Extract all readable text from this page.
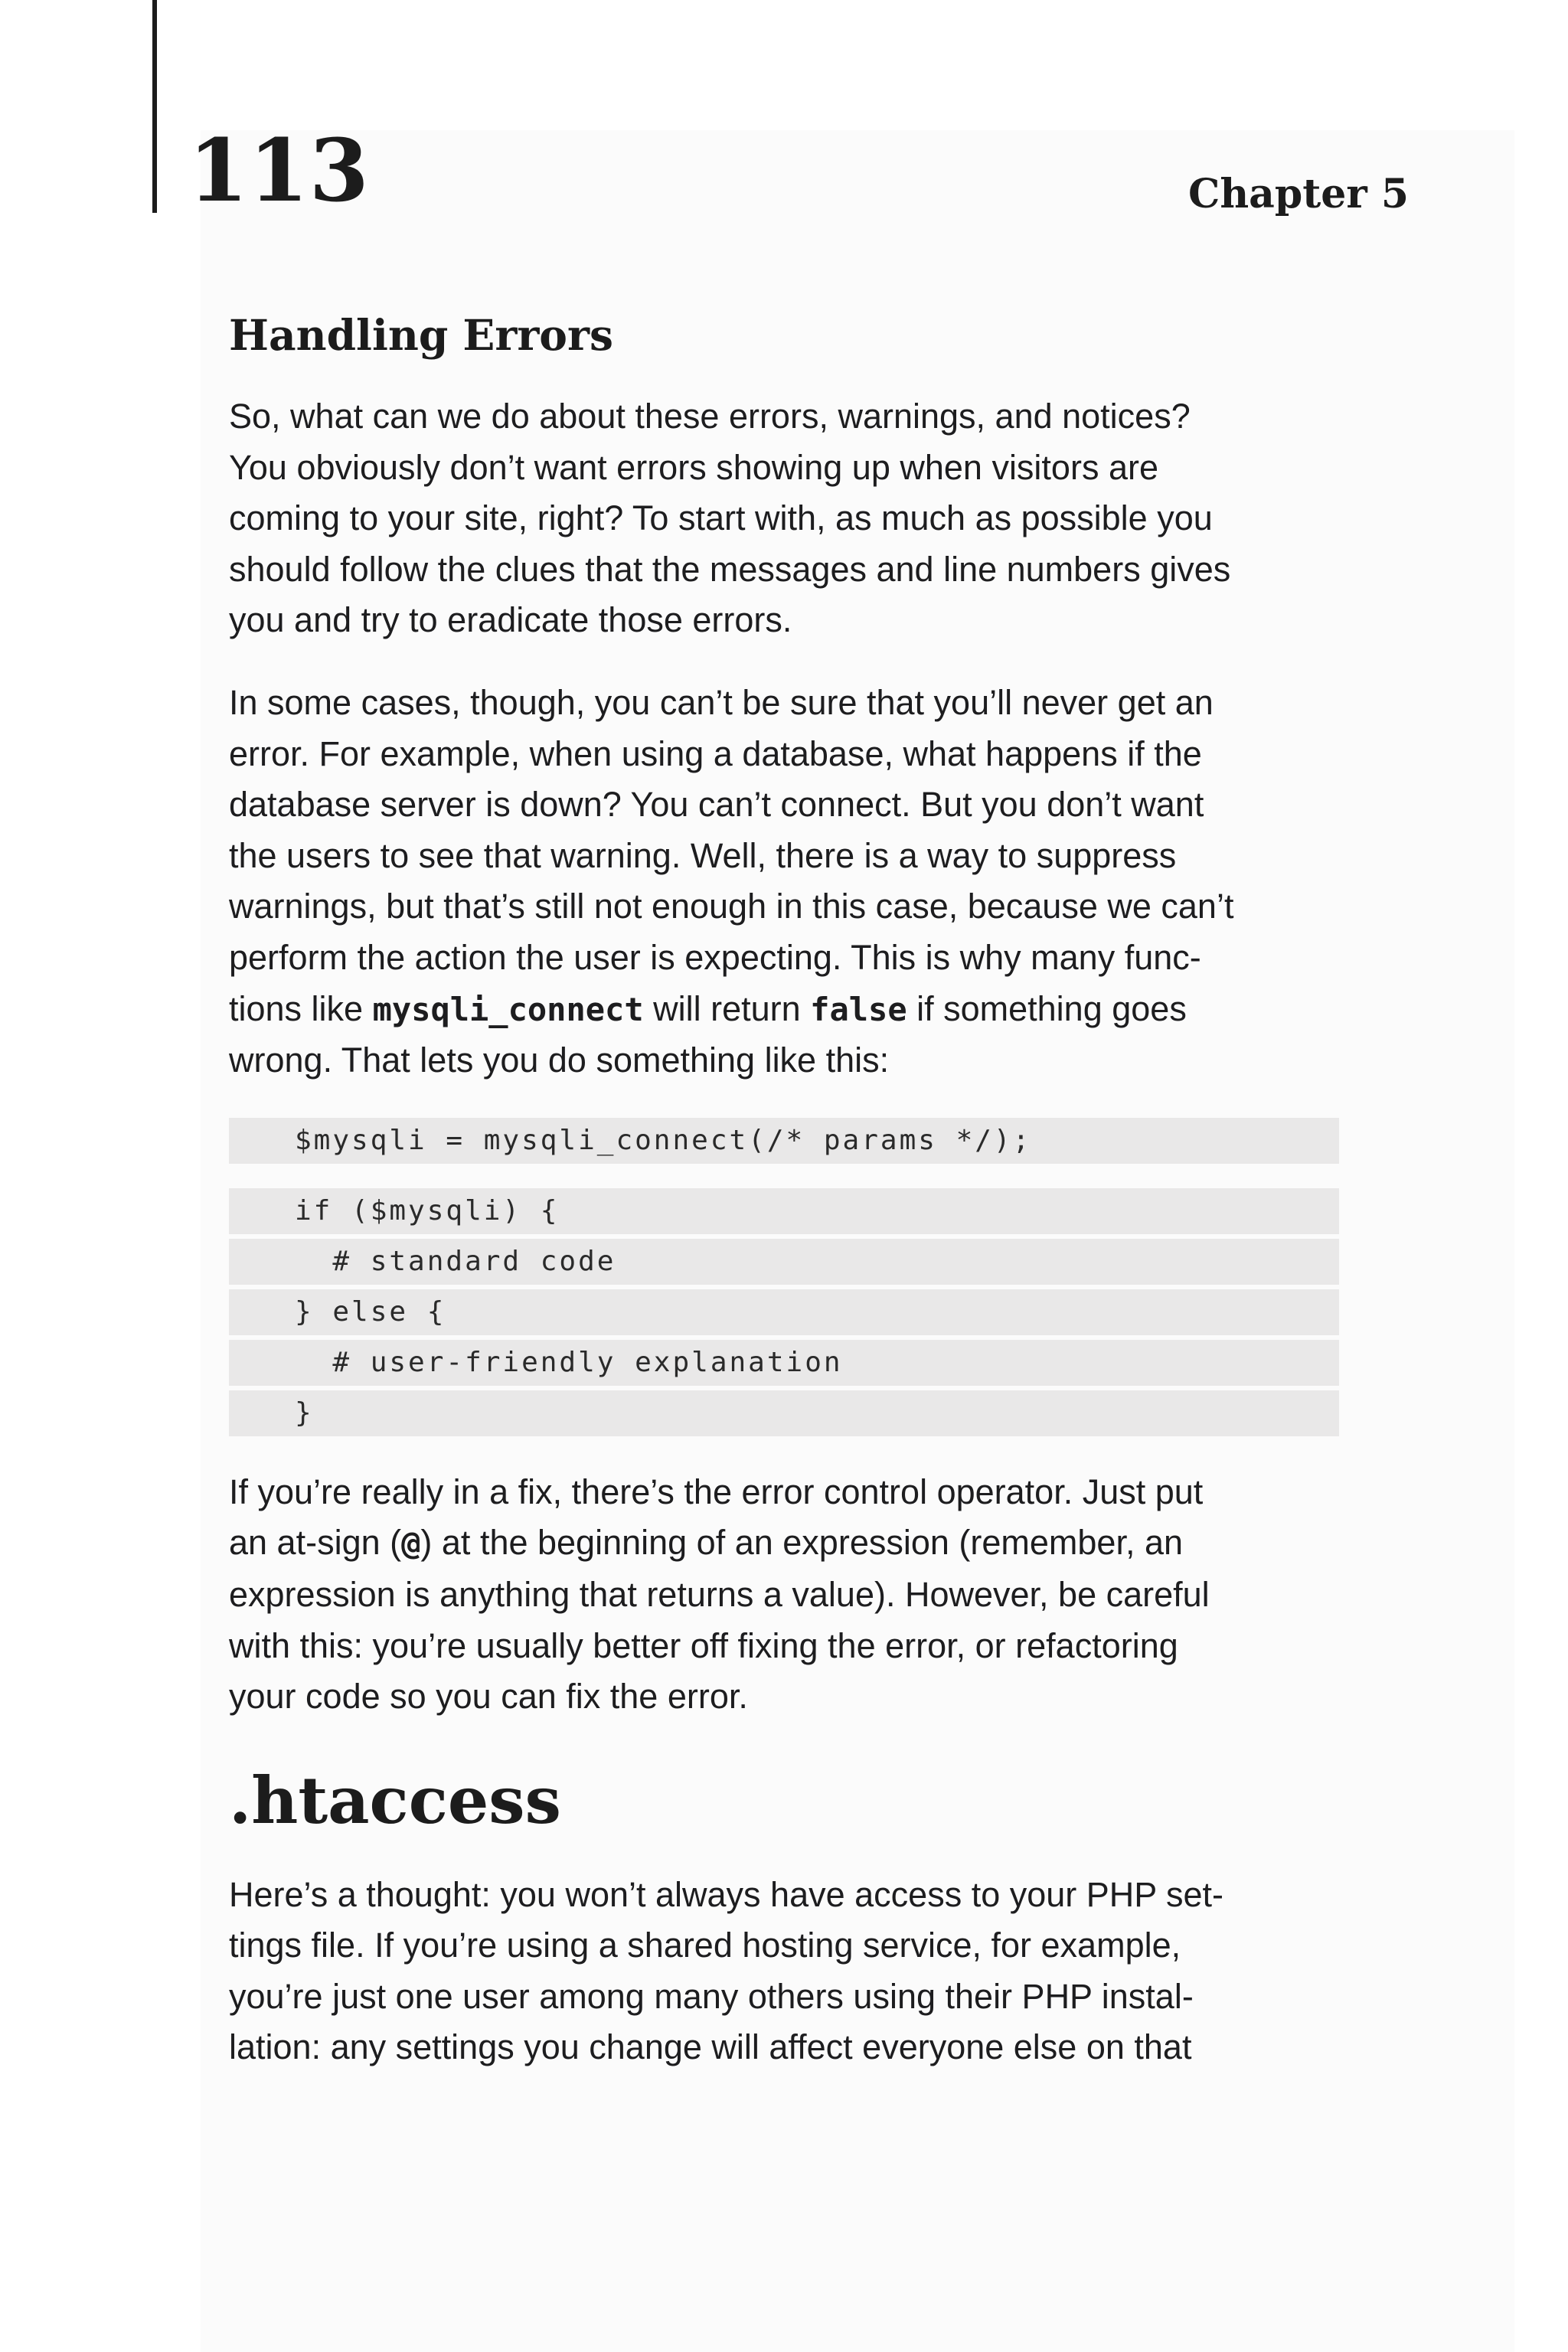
113	Chapter 5
Handling Errors
So, what can we do about these errors, warnings, and notices?
You obviously don’t want errors showing up when visitors are
coming to your site, right? To start with, as much as possible you
should follow the clues that the messages and line numbers gives
you and try to eradicate those errors.
In some cases, though, you can’t be sure that you’ll never get an
error. For example, when using a database, what happens if the
database server is down? You can’t connect. But you don’t want
the users to see that warning. Well, there is a way to suppress
warnings, but that’s still not enough in this case, because we can’t
perform the action the user is expecting. This is why many func-
tions like mysqli_connect will return false if something goes
wrong. That lets you do something like this:
$mysqli = mysqli_connect(/* params */);
if ($mysqli) {
# standard code
} else {
# user-friendly explanation
}
If you’re really in a fix, there’s the error control operator. Just put
an at-sign (@) at the beginning of an expression (remember, an
expression is anything that returns a value). However, be careful
with this: you’re usually better off fixing the error, or refactoring
your code so you can fix the error.
.htaccess
Here’s a thought: you won’t always have access to your PHP set-
tings file. If you’re using a shared hosting service, for example,
you’re just one user among many others using their PHP instal-
lation: any settings you change will affect everyone else on that
